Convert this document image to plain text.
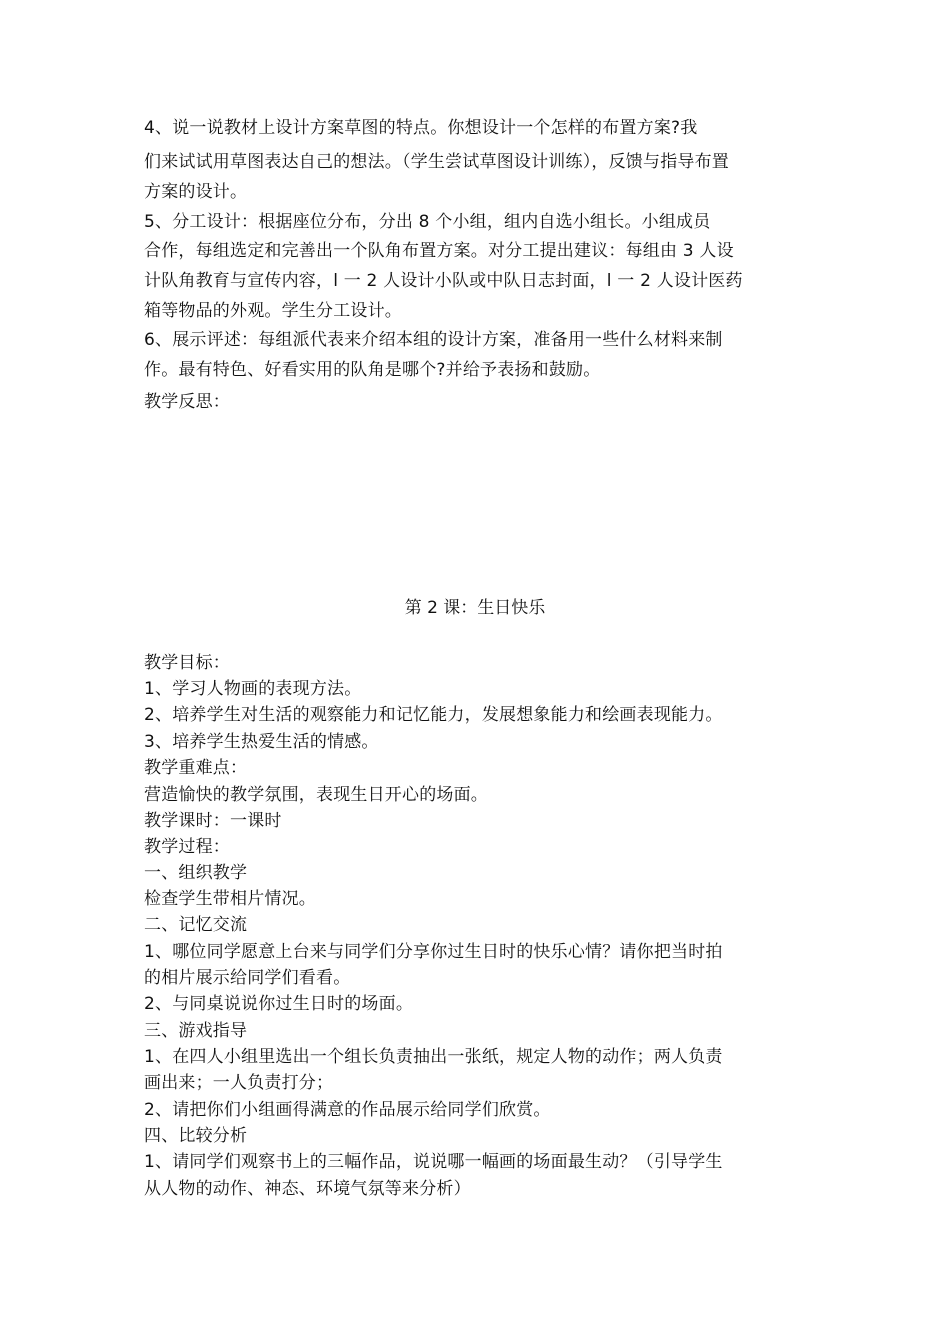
4、说一说教材上设计方案草图的特点。你想设计一个怎样的布置方案?我
们来试试用草图表达自己的想法。（学生尝试草图设计训练），反馈与指导布置
方案的设计。
5、分工设计：根据座位分布，分出 8 个小组，组内自选小组长。小组成员
合作，每组选定和完善出一个队角布置方案。对分工提出建议：每组由 3 人设
计队角教育与宣传内容，l 一 2 人设计小队或中队日志封面，l 一 2 人设计医药
箱等物品的外观。学生分工设计。
6、展示评述：每组派代表来介绍本组的设计方案，准备用一些什么材料来制
作。最有特色、好看实用的队角是哪个?并给予表扬和鼓励。
教学反思：
第 2 课：生日快乐
教学目标：
1、学习人物画的表现方法。
2、培养学生对生活的观察能力和记忆能力，发展想象能力和绘画表现能力。
3、培养学生热爱生活的情感。
教学重难点：
营造愉快的教学氛围，表现生日开心的场面。
教学课时：一课时
教学过程：
一、组织教学
检查学生带相片情况。
二、记忆交流
1、哪位同学愿意上台来与同学们分享你过生日时的快乐心情？请你把当时拍
的相片展示给同学们看看。
2、与同桌说说你过生日时的场面。
三、游戏指导
1、在四人小组里选出一个组长负责抽出一张纸，规定人物的动作；两人负责
画出来；一人负责打分；
2、请把你们小组画得满意的作品展示给同学们欣赏。
四、比较分析
1、请同学们观察书上的三幅作品，说说哪一幅画的场面最生动？（引导学生
从人物的动作、神态、环境气氛等来分析）
